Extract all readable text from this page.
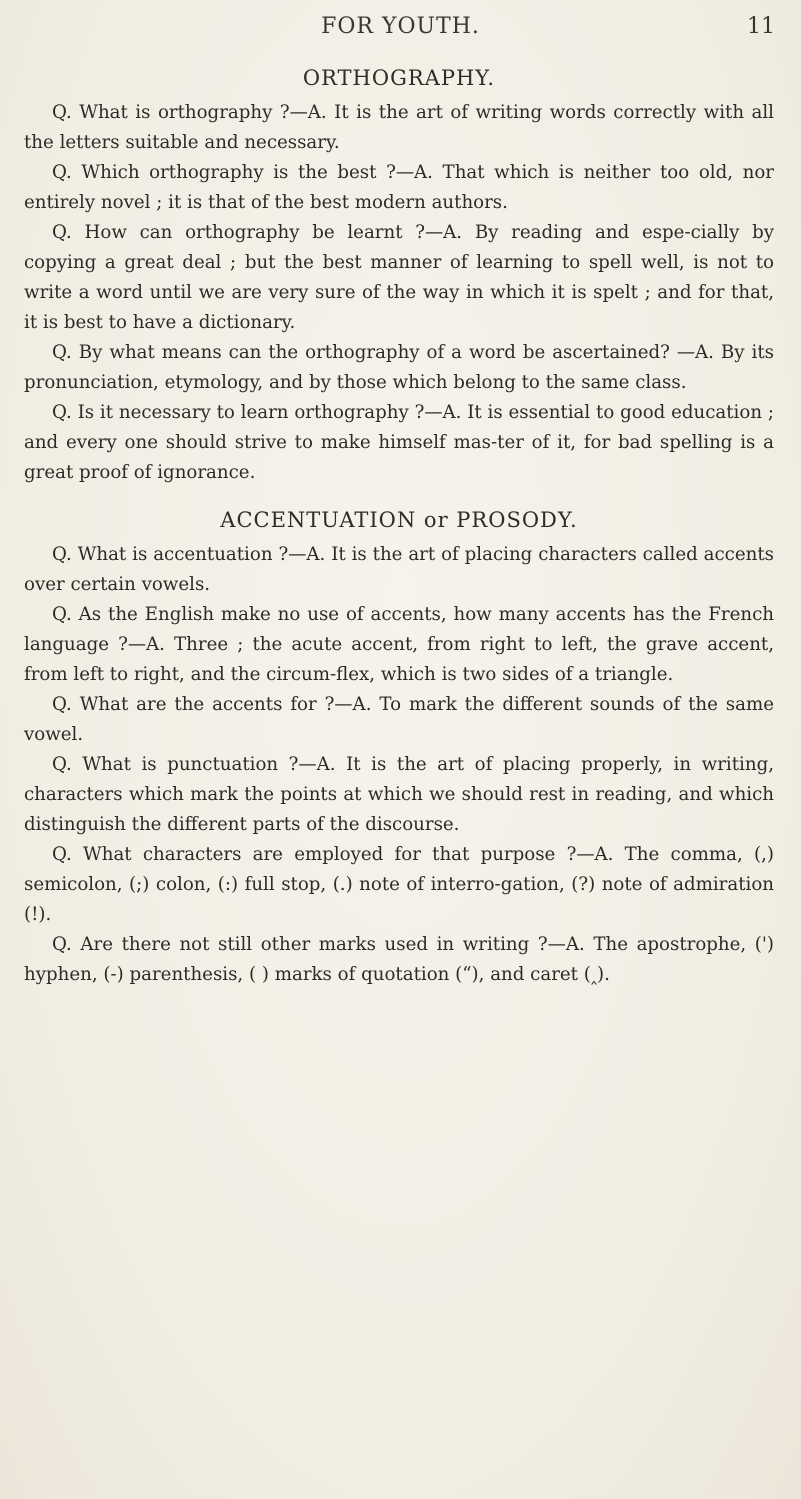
FOR YOUTH.	11
ORTHOGRAPHY.

Q. What is orthography ?—A. It is the art of writing words correctly with all the letters suitable and necessary.

Q. Which orthography is the best ?—A. That which is neither too old, nor entirely novel ; it is that of the best modern authors.

Q. How can orthography be learnt ?—A. By reading and espe-cially by copying a great deal ; but the best manner of learning to spell well, is not to write a word until we are very sure of the way in which it is spelt ; and for that, it is best to have a dictionary.

Q. By what means can the orthography of a word be ascertained? —A. By its pronunciation, etymology, and by those which belong to the same class.

Q. Is it necessary to learn orthography ?—A. It is essential to good education ; and every one should strive to make himself mas-ter of it, for bad spelling is a great proof of ignorance.

ACCENTUATION or PROSODY.

Q. What is accentuation ?—A. It is the art of placing characters called accents over certain vowels.

Q. As the English make no use of accents, how many accents has the French language ?—A. Three ; the acute accent, from right to left, the grave accent, from left to right, and the circum-flex, which is two sides of a triangle.

Q. What are the accents for ?—A. To mark the different sounds of the same vowel.

Q. What is punctuation ?—A. It is the art of placing properly, in writing, characters which mark the points at which we should rest in reading, and which distinguish the different parts of the discourse.

Q. What characters are employed for that purpose ?—A. The comma, (,) semicolon, (;) colon, (:) full stop, (.) note of interro-gation, (?) note of admiration (!).

Q. Are there not still other marks used in writing ?—A. The apostrophe, (') hyphen, (-) parenthesis, ( ) marks of quotation (“), and caret (‸).
